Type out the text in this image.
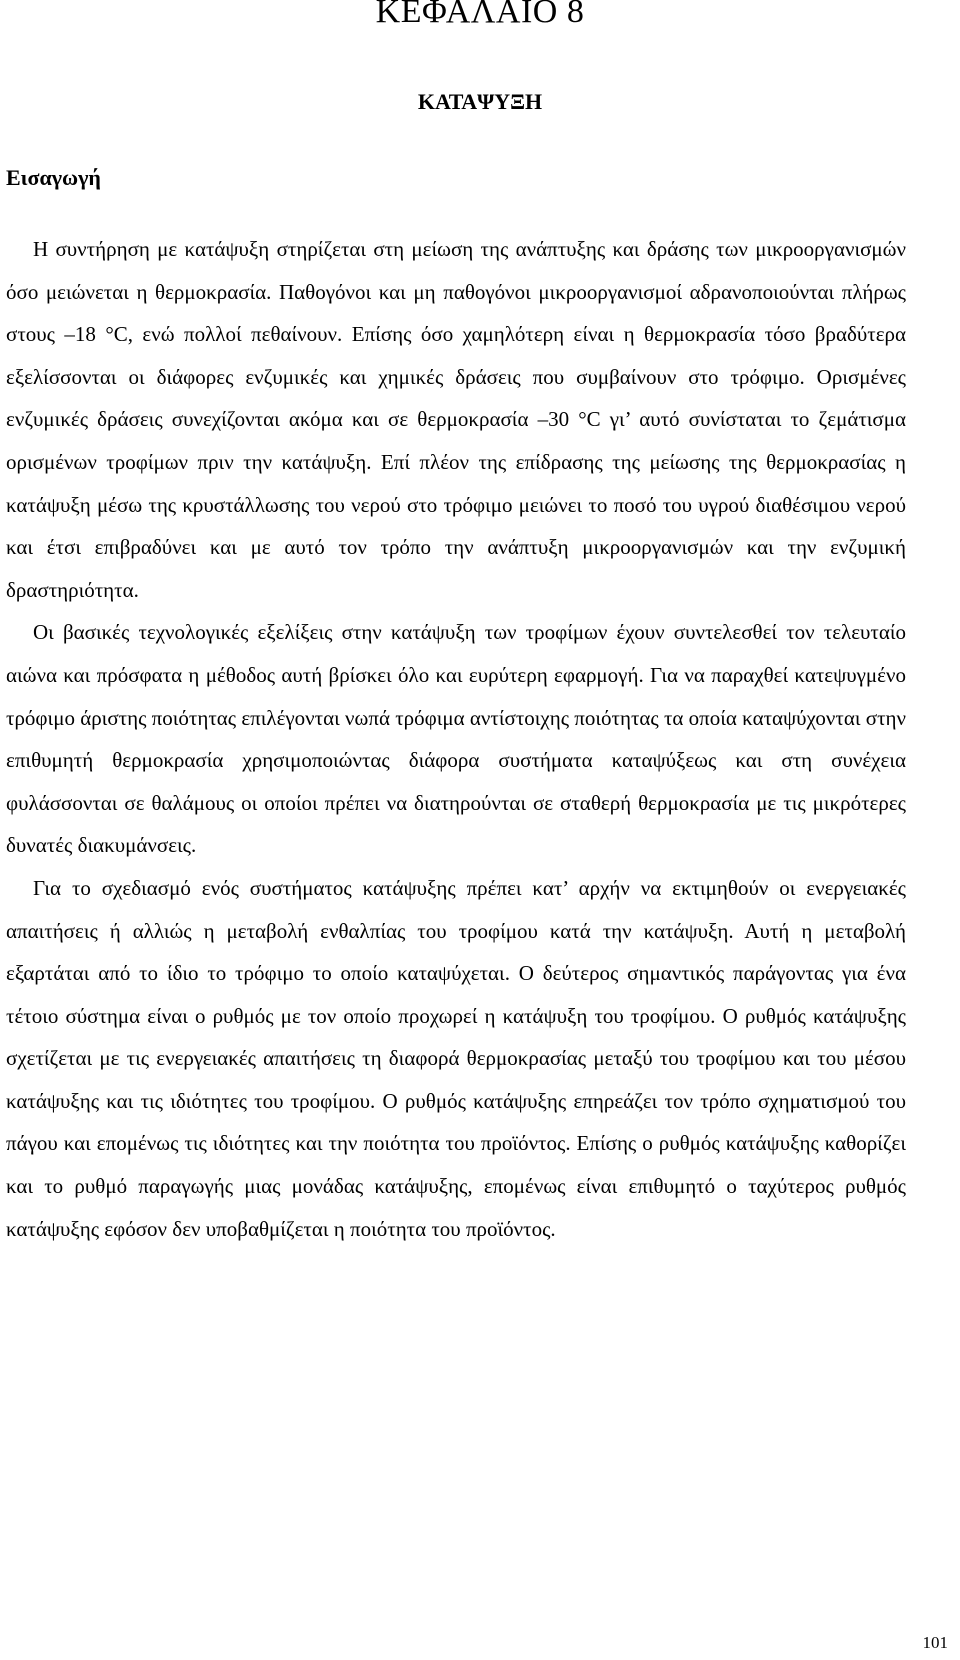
ΚΕΦΑΛΑΙΟ 8
ΚΑΤΑΨΥΞΗ
Εισαγωγή

Η συντήρηση με κατάψυξη στηρίζεται στη μείωση της ανάπτυξης και δράσης των μικροοργανισμών όσο μειώνεται η θερμοκρασία. Παθογόνοι και μη παθογόνοι μικροοργανισμοί αδρανοποιούνται πλήρως στους –18 °C, ενώ πολλοί πεθαίνουν. Επίσης όσο χαμηλότερη είναι η θερμοκρασία τόσο βραδύτερα εξελίσσονται οι διάφορες ενζυμικές και χημικές δράσεις που συμβαίνουν στο τρόφιμο. Ορισμένες ενζυμικές δράσεις συνεχίζονται ακόμα και σε θερμοκρασία –30 °C γι’ αυτό συνίσταται το ζεμάτισμα ορισμένων τροφίμων πριν την κατάψυξη. Επί πλέον της επίδρασης της μείωσης της θερμοκρασίας η κατάψυξη μέσω της κρυστάλλωσης του νερού στο τρόφιμο μειώνει το ποσό του υγρού διαθέσιμου νερού και έτσι επιβραδύνει και με αυτό τον τρόπο την ανάπτυξη μικροοργανισμών και την ενζυμική δραστηριότητα.

Οι βασικές τεχνολογικές εξελίξεις στην κατάψυξη των τροφίμων έχουν συντελεσθεί τον τελευταίο αιώνα και πρόσφατα η μέθοδος αυτή βρίσκει όλο και ευρύτερη εφαρμογή. Για να παραχθεί κατεψυγμένο τρόφιμο άριστης ποιότητας επιλέγονται νωπά τρόφιμα αντίστοιχης ποιότητας τα οποία καταψύχονται στην επιθυμητή θερμοκρασία χρησιμοποιώντας διάφορα συστήματα καταψύξεως και στη συνέχεια φυλάσσονται σε θαλάμους οι οποίοι πρέπει να διατηρούνται σε σταθερή θερμοκρασία με τις μικρότερες δυνατές διακυμάνσεις.

Για το σχεδιασμό ενός συστήματος κατάψυξης πρέπει κατ’ αρχήν να εκτιμηθούν οι ενεργειακές απαιτήσεις ή αλλιώς η μεταβολή ενθαλπίας του τροφίμου κατά την κατάψυξη. Αυτή η μεταβολή εξαρτάται από το ίδιο το τρόφιμο το οποίο καταψύχεται. Ο δεύτερος σημαντικός παράγοντας για ένα τέτοιο σύστημα είναι ο ρυθμός με τον οποίο προχωρεί η κατάψυξη του τροφίμου. Ο ρυθμός κατάψυξης σχετίζεται με τις ενεργειακές απαιτήσεις τη διαφορά θερμοκρασίας μεταξύ του τροφίμου και του μέσου κατάψυξης και τις ιδιότητες του τροφίμου. Ο ρυθμός κατάψυξης επηρεάζει τον τρόπο σχηματισμού του πάγου και επομένως τις ιδιότητες και την ποιότητα του προϊόντος. Επίσης ο ρυθμός κατάψυξης καθορίζει και το ρυθμό παραγωγής μιας μονάδας κατάψυξης, επομένως είναι επιθυμητό ο ταχύτερος ρυθμός κατάψυξης εφόσον δεν υποβαθμίζεται η ποιότητα του προϊόντος.

101
